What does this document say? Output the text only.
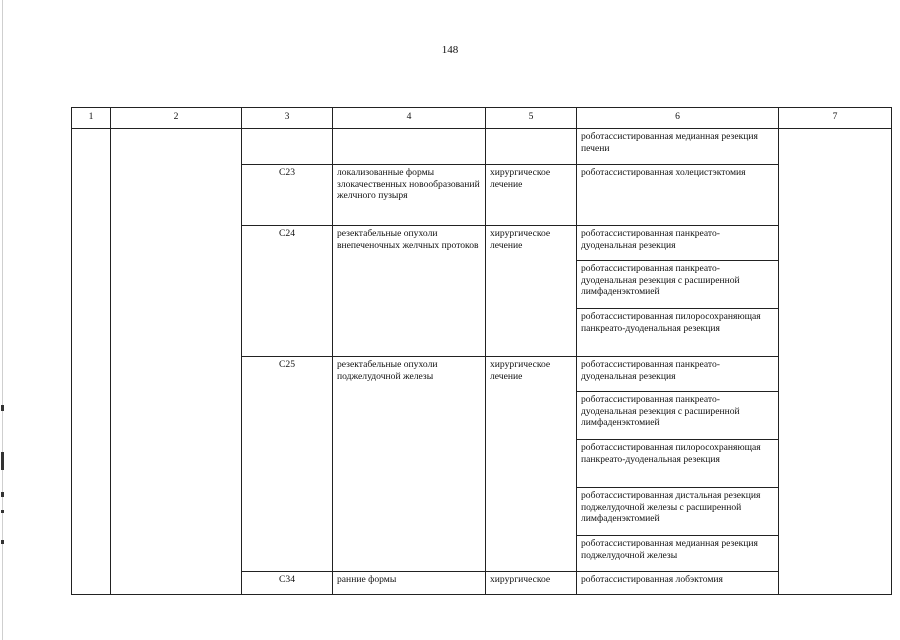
148
1	2	3	4	5	6	7
					роботассистированная медианная резекция печени	
		C23	локализованные формы злокачественных новообразований желчного пузыря	хирургическое лечение	роботассистированная холецистэктомия	
		C24	резектабельные опухоли внепеченочных желчных протоков	хирургическое лечение	роботассистированная панкреато-дуоденальная резекция	
					роботассистированная панкреато-дуоденальная резекция с расширенной лимфаденэктомией	
					роботассистированная пилоросохраняющая панкреато-дуоденальная резекция	
		C25	резектабельные опухоли поджелудочной железы	хирургическое лечение	роботассистированная панкреато-дуоденальная резекция	
					роботассистированная панкреато-дуоденальная резекция с расширенной лимфаденэктомией	
					роботассистированная пилоросохраняющая панкреато-дуоденальная резекция	
					роботассистированная дистальная резекция поджелудочной железы с расширенной лимфаденэктомией	
					роботассистированная медианная резекция поджелудочной железы	
		C34	ранние формы	хирургическое	роботассистированная лобэктомия	
